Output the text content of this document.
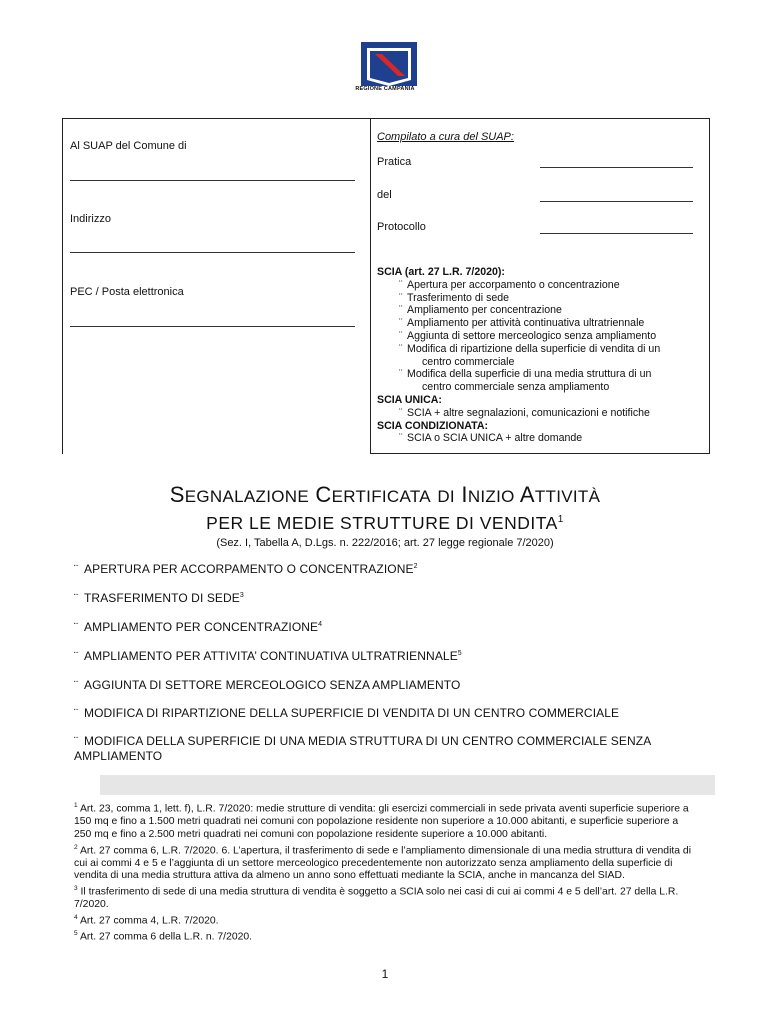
REGIONE CAMPANIA
Al SUAP del Comune di
Indirizzo
PEC / Posta elettronica
Compilato a cura del SUAP:
Pratica
del
Protocollo
SCIA (art. 27 L.R. 7/2020):
¨ Apertura per accorpamento o concentrazione
¨ Trasferimento di sede
¨ Ampliamento per concentrazione
¨ Ampliamento per attività continuativa ultratriennale
¨ Aggiunta di settore merceologico senza ampliamento
¨ Modifica di ripartizione della superficie di vendita di un
centro commerciale
¨ Modifica della superficie di una media struttura di un
centro commerciale senza ampliamento
SCIA UNICA:
¨ SCIA + altre segnalazioni, comunicazioni e notifiche
SCIA CONDIZIONATA:
¨ SCIA o SCIA UNICA + altre domande
SEGNALAZIONE CERTIFICATA DI INIZIO ATTIVITÀ
PER LE MEDIE STRUTTURE DI VENDITA$^1$
(Sez. I, Tabella A, D.Lgs. n. 222/2016; art. 27 legge regionale 7/2020)
¨ APERTURA PER ACCORPAMENTO O CONCENTRAZIONE$^2$
¨ TRASFERIMENTO DI SEDE$^3$
¨ AMPLIAMENTO PER CONCENTRAZIONE$^4$
¨ AMPLIAMENTO PER ATTIVITA’ CONTINUATIVA ULTRATRIENNALE$^5$
¨ AGGIUNTA DI SETTORE MERCEOLOGICO SENZA AMPLIAMENTO
¨ MODIFICA DI RIPARTIZIONE DELLA SUPERFICIE DI VENDITA DI UN CENTRO COMMERCIALE
¨ MODIFICA DELLA SUPERFICIE DI UNA MEDIA STRUTTURA DI UN CENTRO COMMERCIALE SENZA
AMPLIAMENTO
$^1$ Art. 23, comma 1, lett. f), L.R. 7/2020: medie strutture di vendita: gli esercizi commerciali in sede privata aventi superficie superiore a 150 mq e fino a 1.500 metri quadrati nei comuni con popolazione residente non superiore a 10.000 abitanti, e superficie superiore a 250 mq e fino a 2.500 metri quadrati nei comuni con popolazione residente superiore a 10.000 abitanti.
$^2$ Art. 27 comma 6, L.R. 7/2020. 6. L’apertura, il trasferimento di sede e l’ampliamento dimensionale di una media struttura di vendita di cui ai commi 4 e 5 e l’aggiunta di un settore merceologico precedentemente non autorizzato senza ampliamento della superficie di vendita di una media struttura attiva da almeno un anno sono effettuati mediante la SCIA, anche in mancanza del SIAD.
$^3$ Il trasferimento di sede di una media struttura di vendita è soggetto a SCIA solo nei casi di cui ai commi 4 e 5 dell’art. 27 della L.R. 7/2020.
$^4$ Art. 27 comma 4, L.R. 7/2020.
$^5$ Art. 27 comma 6 della L.R. n. 7/2020.
1
